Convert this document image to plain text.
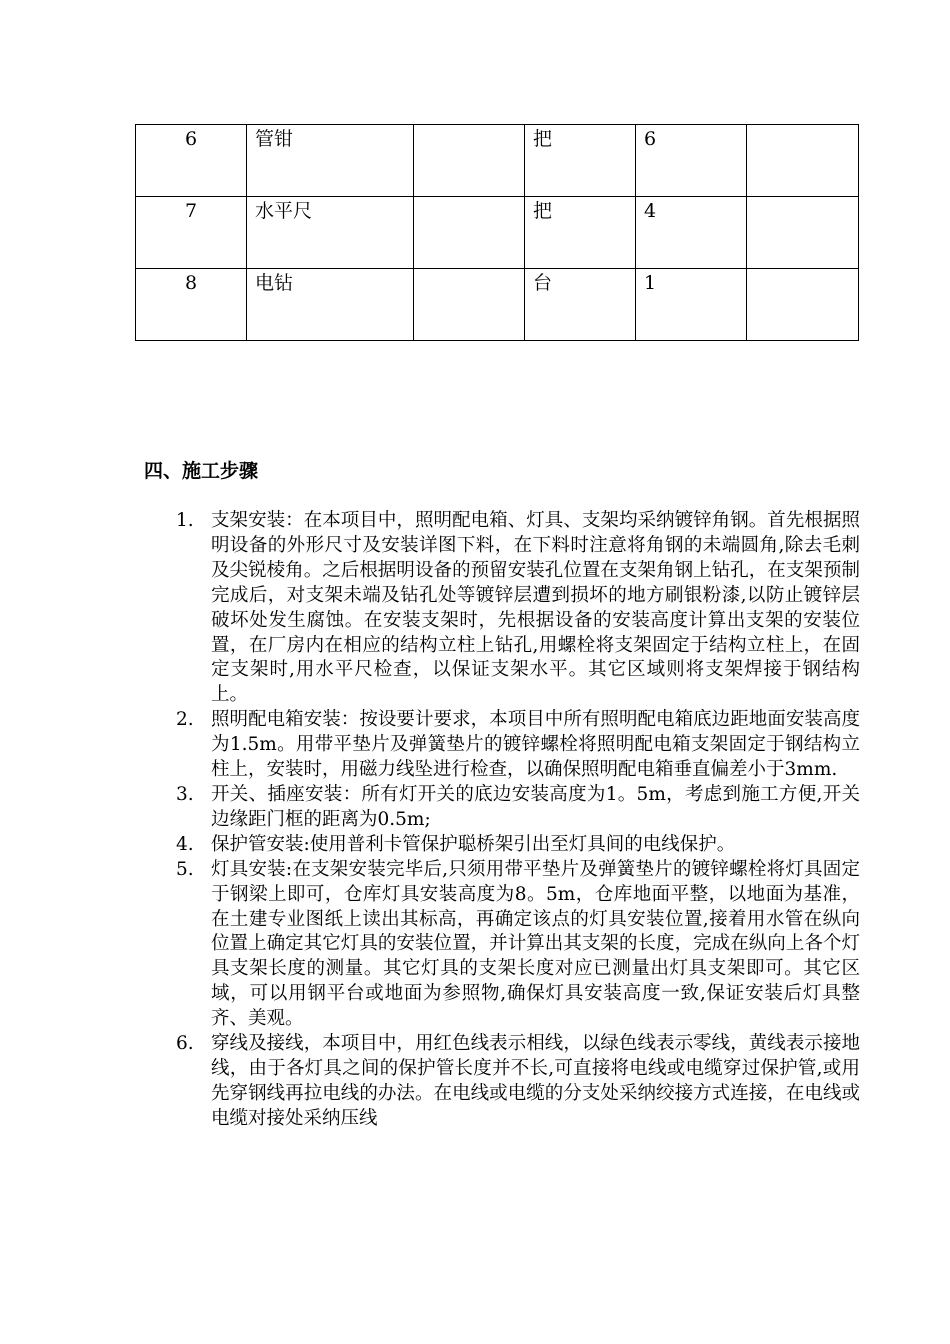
6	管钳		把	6	
7	水平尺		把	4	
8	电钻		台	1	
四、施工步骤
1. 支架安装：在本项目中，照明配电箱、灯具、支架均采纳镀锌角钢。首先根据照明设备的外形尺寸及安装详图下料，在下料时注意将角钢的未端圆角,除去毛刺及尖锐棱角。之后根据明设备的预留安装孔位置在支架角钢上钻孔，在支架预制完成后，对支架未端及钻孔处等镀锌层遭到损坏的地方刷银粉漆,以防止镀锌层破坏处发生腐蚀。在安装支架时，先根据设备的安装高度计算出支架的安装位置，在厂房内在相应的结构立柱上钻孔,用螺栓将支架固定于结构立柱上，在固定支架时,用水平尺检查，以保证支架水平。其它区域则将支架焊接于钢结构上。
2. 照明配电箱安装：按设要计要求，本项目中所有照明配电箱底边距地面安装高度为1.5m。用带平垫片及弹簧垫片的镀锌螺栓将照明配电箱支架固定于钢结构立柱上，安装时，用磁力线坠进行检查，以确保照明配电箱垂直偏差小于3mm.
3. 开关、插座安装：所有灯开关的底边安装高度为1。5m，考虑到施工方便,开关边缘距门框的距离为0.5m;
4. 保护管安装:使用普利卡管保护聪桥架引出至灯具间的电线保护。
5. 灯具安装:在支架安装完毕后,只须用带平垫片及弹簧垫片的镀锌螺栓将灯具固定于钢梁上即可，仓库灯具安装高度为8。5m，仓库地面平整，以地面为基准，在土建专业图纸上读出其标高，再确定该点的灯具安装位置,接着用水管在纵向位置上确定其它灯具的安装位置，并计算出其支架的长度，完成在纵向上各个灯具支架长度的测量。其它灯具的支架长度对应已测量出灯具支架即可。其它区域，可以用钢平台或地面为参照物,确保灯具安装高度一致,保证安装后灯具整齐、美观。
6. 穿线及接线，本项目中，用红色线表示相线，以绿色线表示零线，黄线表示接地线，由于各灯具之间的保护管长度并不长,可直接将电线或电缆穿过保护管,或用先穿钢线再拉电线的办法。在电线或电缆的分支处采纳绞接方式连接，在电线或电缆对接处采纳压线
